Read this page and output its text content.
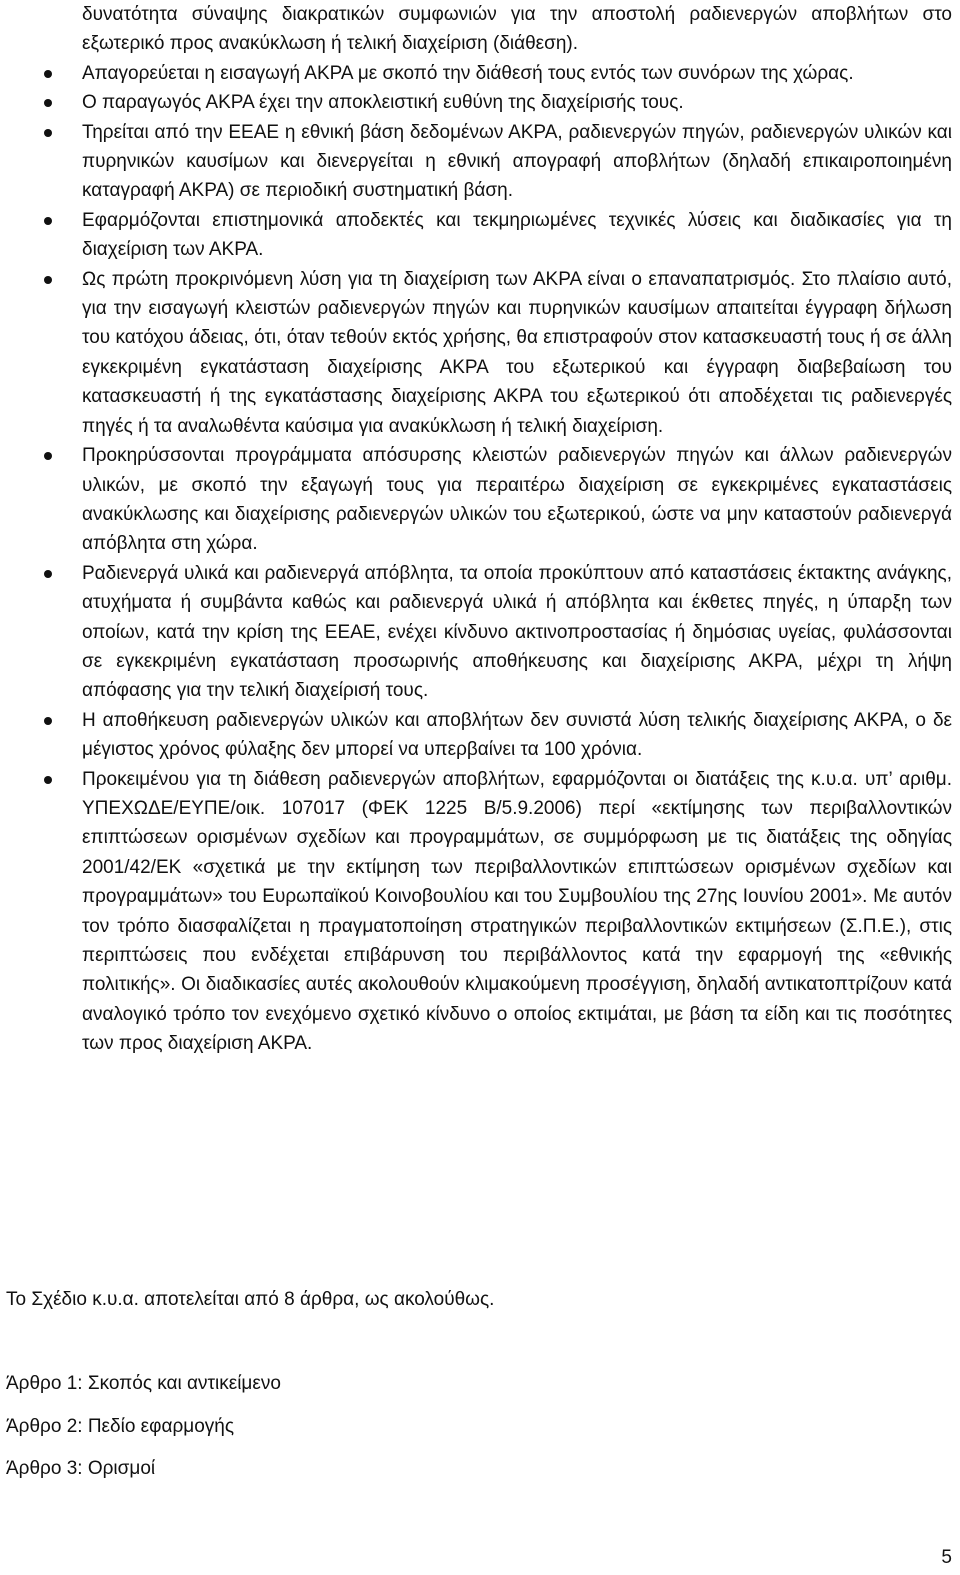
δυνατότητα σύναψης διακρατικών συμφωνιών για την αποστολή ραδιενεργών αποβλήτων στο εξωτερικό προς ανακύκλωση ή τελική διαχείριση (διάθεση).
Απαγορεύεται η εισαγωγή ΑΚΡΑ με σκοπό την διάθεσή τους εντός των συνόρων της χώρας.
Ο παραγωγός ΑΚΡΑ έχει την αποκλειστική ευθύνη της διαχείρισής τους.
Τηρείται από την ΕΕΑΕ η εθνική βάση δεδομένων ΑΚΡΑ, ραδιενεργών πηγών, ραδιενεργών υλικών και πυρηνικών καυσίμων και διενεργείται η εθνική απογραφή αποβλήτων (δηλαδή επικαιροποιημένη καταγραφή ΑΚΡΑ) σε περιοδική συστηματική βάση.
Εφαρμόζονται επιστημονικά αποδεκτές και τεκμηριωμένες τεχνικές λύσεις και διαδικασίες για τη διαχείριση των ΑΚΡΑ.
Ως πρώτη προκρινόμενη λύση για τη διαχείριση των ΑΚΡΑ είναι ο επαναπατρισμός. Στο πλαίσιο αυτό, για την εισαγωγή κλειστών ραδιενεργών πηγών και πυρηνικών καυσίμων απαιτείται έγγραφη δήλωση του κατόχου άδειας, ότι, όταν τεθούν εκτός χρήσης, θα επιστραφούν στον κατασκευαστή τους ή σε άλλη εγκεκριμένη εγκατάσταση διαχείρισης ΑΚΡΑ του εξωτερικού και έγγραφη διαβεβαίωση του κατασκευαστή ή της εγκατάστασης διαχείρισης ΑΚΡΑ του εξωτερικού ότι αποδέχεται τις ραδιενεργές πηγές ή τα αναλωθέντα καύσιμα για ανακύκλωση ή τελική διαχείριση.
Προκηρύσσονται προγράμματα απόσυρσης κλειστών ραδιενεργών πηγών και άλλων ραδιενεργών υλικών, με σκοπό την εξαγωγή τους για περαιτέρω διαχείριση σε εγκεκριμένες εγκαταστάσεις ανακύκλωσης και διαχείρισης ραδιενεργών υλικών του εξωτερικού, ώστε να μην καταστούν ραδιενεργά απόβλητα στη χώρα.
Ραδιενεργά υλικά και ραδιενεργά απόβλητα, τα οποία προκύπτουν από καταστάσεις έκτακτης ανάγκης, ατυχήματα ή συμβάντα καθώς και ραδιενεργά υλικά ή απόβλητα και έκθετες πηγές, η ύπαρξη των οποίων, κατά την κρίση της ΕΕΑΕ, ενέχει κίνδυνο ακτινοπροστασίας ή δημόσιας υγείας, φυλάσσονται σε εγκεκριμένη εγκατάσταση προσωρινής αποθήκευσης και διαχείρισης ΑΚΡΑ, μέχρι τη λήψη απόφασης για την τελική διαχείρισή τους.
Η αποθήκευση ραδιενεργών υλικών και αποβλήτων δεν συνιστά λύση τελικής διαχείρισης ΑΚΡΑ, ο δε μέγιστος χρόνος φύλαξης δεν μπορεί να υπερβαίνει τα 100 χρόνια.
Προκειμένου για τη διάθεση ραδιενεργών αποβλήτων, εφαρμόζονται οι διατάξεις της κ.υ.α. υπ’ αριθμ. ΥΠΕΧΩΔΕ/ΕΥΠΕ/οικ. 107017 (ΦΕΚ 1225 Β/5.9.2006) περί «εκτίμησης των περιβαλλοντικών επιπτώσεων ορισμένων σχεδίων και προγραμμάτων, σε συμμόρφωση με τις διατάξεις της οδηγίας 2001/42/ΕΚ «σχετικά με την εκτίμηση των περιβαλλοντικών επιπτώσεων ορισμένων σχεδίων και προγραμμάτων» του Ευρωπαϊκού Κοινοβουλίου και του Συμβουλίου της 27ης Ιουνίου 2001». Με αυτόν τον τρόπο διασφαλίζεται η πραγματοποίηση στρατηγικών περιβαλλοντικών εκτιμήσεων (Σ.Π.Ε.), στις περιπτώσεις που ενδέχεται επιβάρυνση του περιβάλλοντος κατά την εφαρμογή της «εθνικής πολιτικής». Οι διαδικασίες αυτές ακολουθούν κλιμακούμενη προσέγγιση, δηλαδή αντικατοπτρίζουν κατά αναλογικό τρόπο τον ενεχόμενο σχετικό κίνδυνο ο οποίος εκτιμάται, με βάση τα είδη και τις ποσότητες των προς διαχείριση ΑΚΡΑ.

Το Σχέδιο κ.υ.α. αποτελείται από 8 άρθρα, ως ακολούθως.

Άρθρο 1: Σκοπός και αντικείμενο

Άρθρο 2: Πεδίο εφαρμογής

Άρθρο 3: Ορισμοί

5
